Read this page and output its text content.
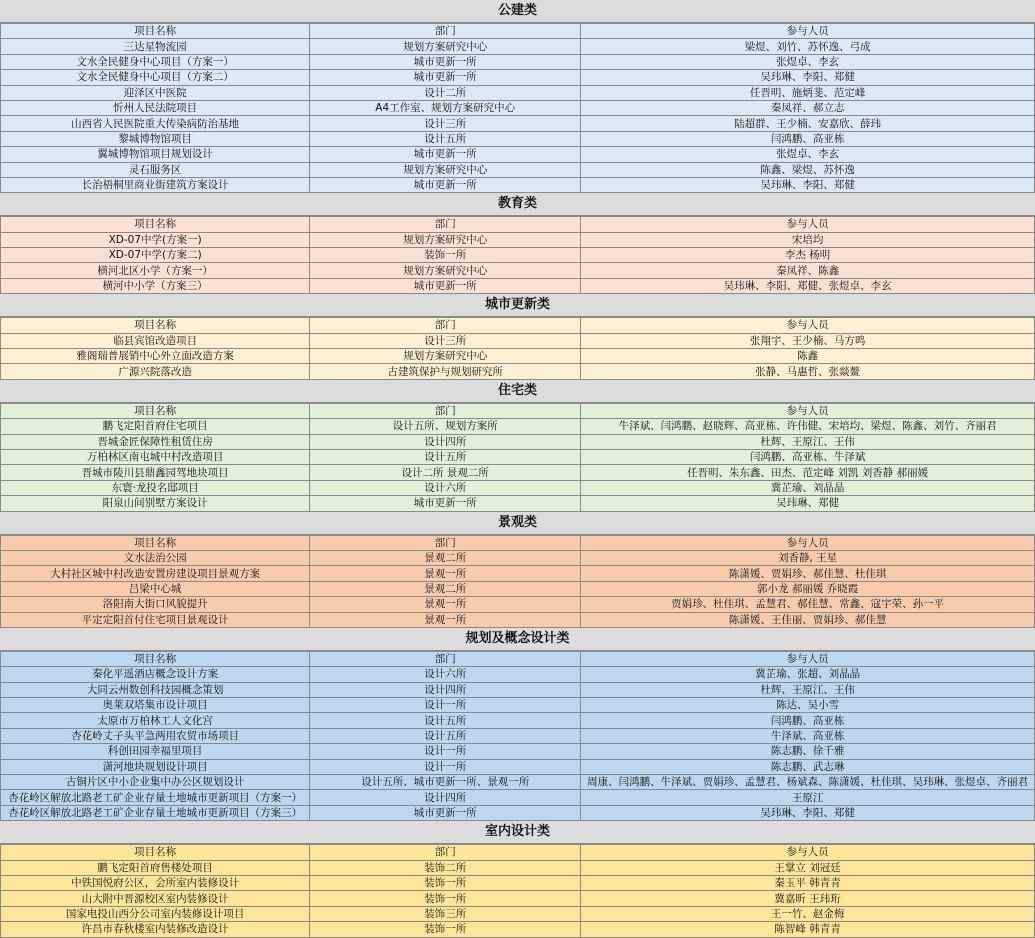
公建类
项目名称	部门	参与人员
三达星物流园	规划方案研究中心	梁煜、刘竹、苏怀逸、弓成
文水全民健身中心项目（方案一）	城市更新一所	张煜卓、李玄
文水全民健身中心项目（方案二）	城市更新一所	吴玮琳、李阳、郑健
迎泽区中医院	设计二所	任晋明、施炳斐、范定峰
忻州人民法院项目	A4工作室、规划方案研究中心	秦凤祥、郝立志
山西省人民医院重大传染病防治基地	设计三所	陆超群、王少楠、安嘉欣、薛玮
黎城博物馆项目	设计五所	闫鸿鹏、高亚栋
翼城博物馆项目规划设计	城市更新一所	张煜卓、李玄
灵石服务区	规划方案研究中心	陈鑫、梁煜、苏怀逸
长治梧桐里商业街建筑方案设计	城市更新一所	吴玮琳、李阳、郑健
教育类
项目名称	部门	参与人员
XD-07中学(方案一)	规划方案研究中心	宋培均
XD-07中学(方案二)	装饰一所	李杰 杨明
横河北区小学（方案一）	规划方案研究中心	秦凤祥、陈鑫
横河中小学（方案三）	城市更新一所	吴玮琳、李阳、郑健、张煜卓、李玄
城市更新类
项目名称	部门	参与人员
临县宾馆改造项目	设计三所	张翔宇、王少楠、马方鸣
雅阁瑞普展销中心外立面改造方案	规划方案研究中心	陈鑫
广源兴院落改造	古建筑保护与规划研究所	张静、马惠哲、张燚鳌
住宅类
项目名称	部门	参与人员
鹏飞定阳首府住宅项目	设计五所、规划方案所	牛泽斌、闫鸿鹏、赵晓辉、高亚栋、许伟健、宋培均、梁煜、陈鑫、刘竹、齐丽君
晋城金匠保障性租赁住房	设计四所	杜辉、王原江、王伟
万柏林区南屯城中村改造项目	设计五所	闫鸿鹏、高亚栋、牛泽斌
晋城市陵川县鼎鑫园驾地块项目	设计二所 景观二所	任晋明、朱东鑫、田杰、范定峰 刘凯 刘香静 郝丽媛
东寰·龙投名邸项目	设计六所	冀芷瑜、刘晶晶
阳泉山间别墅方案设计	城市更新一所	吴玮琳、郑健
景观类
项目名称	部门	参与人员
文水法治公园	景观二所	刘香静, 王星
大村社区城中村改造安置房建设项目景观方案	景观一所	陈潇媛、贾娟珍、郝佳慧、杜佳琪
吕梁中心城	景观二所	郭小龙 郝丽媛 乔晓霞
洛阳南大街口风貌提升	景观一所	贾娟珍、杜佳琪、孟慧君、郝佳慧、常鑫、寇宇荣、孙一平
平定定阳首付住宅项目景观设计	景观一所	陈潇媛、王佳丽、贾娟珍、郝佳慧
规划及概念设计类
项目名称	部门	参与人员
秦化平遥酒店概念设计方案	设计六所	冀芷瑜、张超、刘晶晶
大同云州数创科技园概念策划	设计四所	杜辉、王原江、王伟
奥莱双塔集市设计项目	设计一所	陈达、吴小雪
太原市万柏林工人文化宫	设计五所	闫鸿鹏、高亚栋
杏花岭丈子头平急两用农贸市场项目	设计五所	牛泽斌、高亚栋
科创田园幸福里项目	设计一所	陈志鹏、徐千雅
潇河地块规划设计项目	设计一所	陈志鹏、武志琳
古铜片区中小企业集中办公区规划设计	设计五所、城市更新一所、景观一所	周康、闫鸿鹏、牛泽斌、贾娟珍、孟慧君、杨斌森、陈潇媛、杜佳琪、吴玮琳、张煜卓、齐丽君
杏花岭区解放北路老工矿企业存量土地城市更新项目（方案一）	设计四所	王原江
杏花岭区解放北路老工矿企业存量土地城市更新项目（方案三）	城市更新一所	吴玮琳、李阳、郑健
室内设计类
项目名称	部门	参与人员
鹏飞定阳首府售楼处项目	装饰二所	王掌立 刘冠廷
中铁国悦府公区，会所室内装修设计	装饰一所	秦玉平 韩青青
山大附中晋源校区室内装修设计	装饰一所	冀嘉昕 王玮珩
国家电投山西分公司室内装修设计项目	装饰三所	王一竹、赵金梅
许昌市春秋楼室内装修改造设计	装饰一所	陈智峰 韩青青
